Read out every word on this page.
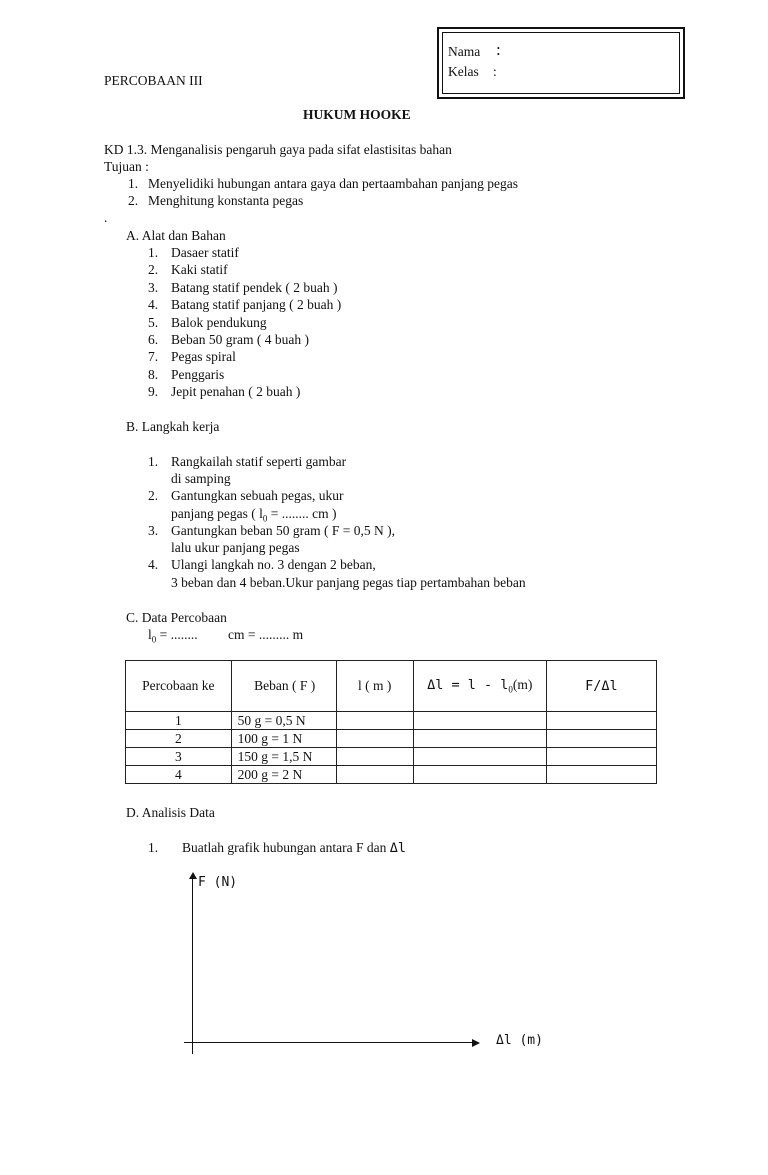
Nama :
Kelas :
PERCOBAAN III
HUKUM HOOKE
KD 1.3. Menganalisis pengaruh gaya pada sifat elastisitas bahan
Tujuan :
1. Menyelidiki hubungan antara gaya dan pertaambahan panjang pegas
2. Menghitung konstanta pegas
.
A. Alat dan Bahan
1. Dasaer statif
2. Kaki statif
3. Batang statif pendek ( 2 buah )
4. Batang statif panjang ( 2 buah )
5. Balok pendukung
6. Beban 50 gram ( 4 buah )
7. Pegas spiral
8. Penggaris
9. Jepit penahan ( 2 buah )
B. Langkah kerja
1. Rangkailah statif seperti gambar
di samping
2. Gantungkan sebuah pegas, ukur
panjang pegas ( $l_0$ = ........ cm )
3. Gantungkan beban 50 gram ( F = 0,5 N ),
lalu ukur panjang pegas
4. Ulangi langkah no. 3 dengan 2 beban,
3 beban dan 4 beban.Ukur panjang pegas tiap pertambahan beban
C. Data Percobaan
$l_0$ = ........ cm = ......... m
Percobaan ke	Beban ( F )	l ( m )	$\Delta l = l - l_0(m)$	F/Δl
1	50 g = 0,5 N			
2	100 g = 1 N			
3	150 g = 1,5 N			
4	200 g = 2 N			
D. Analisis Data
1. Buatlah grafik hubungan antara F dan Δl
F (N)
Δl (m)
